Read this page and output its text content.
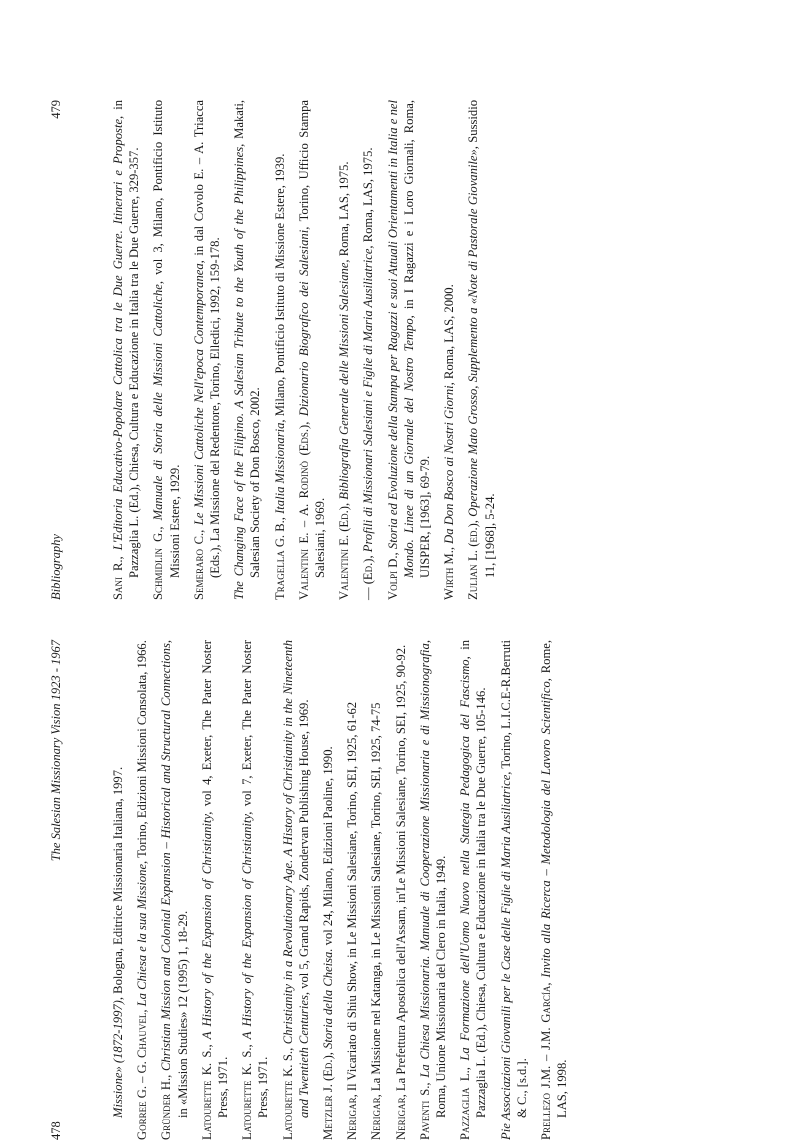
478
The Salesian Missionary Vision 1923 - 1967
Missione» (1872-1997), Bologna, Editrice Missionaria Italiana, 1997.
Gorree G. – G. Chauvel, La Chiesa e la sua Missione, Torino, Edizioni Missioni Consolata, 1966.
Gründer H., Christian Mission and Colonial Expansion – Historical and Structural Connections, in «Mission Studies» 12 (1995) 1, 18-29. Latourette K. S., A History of the Expansion of Christianity, vol 4, Exeter, The Pater Noster Press, 1971. Latourette K. S., A History of the Expansion of Christianity, vol 7, Exeter, The Pater Noster Press, 1971. Latourette K. S., Christianity in a Revolutionary Age. A History of Christianity in the Nineteenth and Twentieth Centuries, vol 5, Grand Rapids, Zondervan Publishing House, 1969.
Metzler J. (Ed.), Storia della Cheisa. vol 24, Milano, Edizioni Paoline, 1990.
Nerigar, Il Vicariato di Shiu Show, in Le Missioni Salesiane, Torino, SEI, 1925, 61-62
Nerigar, La Missione nel Katanga, in Le Missioni Salesiane, Torino, SEI, 1925, 74-75
Nerigar, La Prefettura Apostolica dell'Assam, in'Le Missioni Salesiane, Torino, SEI, 1925, 90-92.
Paventi S., La Chiesa Missionaria. Manuale di Cooperazione Missionaria e di Missionografia, Roma, Unione Missionaria del Clero in Italia, 1949. Pazzaglia L., La Formazione dell'Uomo Nuovo nella Stategia Pedagogica del Fascismo, in Pazzaglia L. (Ed.), Chiesa, Cultura e Educazione in Italia tra le Due Guerre, 105-146. Pie Associazioni Giovanili per le Case delle Figlie di Maria Ausiliatrice, Torino, L.I.C.E-R.Berruti & C., [s.d.]. Prellezo J.M. – J.M. García, Invito alla Ricerca – Metodologia del Lavoro Scientifico, Rome, LAS, 1998.
Bibliography
479
Sani R., L'Editoria Educativo-Popolare Cattolica tra le Due Guerre. Itinerari e Proposte, in Pazzaglia L. (Ed.), Chiesa, Cultura e Educazione in Italia tra le Due Guerre, 329-357. Schmidlin G., Manuale di Storia delle Missioni Cattoliche, vol 3, Milano, Pontificio Istituto Missioni Estere, 1929. Semeraro C., Le Missioni Cattoliche Nell'epoca Contemporanea, in dal Covolo E. – A. Triacca (Eds.), La Missione del Redentore, Torino, Elledici, 1992, 159-178. The Changing Face of the Filipino. A Salesian Tribute to the Youth of the Philippines, Makati, Salesian Society of Don Bosco, 2002. Tragella G. B., Italia Missionaria, Milano, Pontificio Istituto di Missione Estere, 1939.
Valentini E. – A. Rodinò (Eds.), Dizionario Biografico dei Salesiani, Torino, Ufficio Stampa Salesiani, 1969. Valentini E. (Ed.), Bibliografia Generale delle Missioni Salesiane, Roma, LAS, 1975.
— (Ed.), Profili di Missionari Salesiani e Figlie di Maria Ausiliatrice, Roma, LAS, 1975.
Volpi D., Storia ed Evoluzione della Stampa per Ragazzi e suoi Attuali Orientamenti in Italia e nel Mondo. Linee di un Giornale del Nostro Tempo, in I Ragazzi e i Loro Giornali, Roma, UISPER, [1963], 69-79. Wirth M., Da Don Bosco ai Nostri Giorni, Roma, LAS, 2000.
Zulian L. (ed.), Operazione Mato Grosso, Supplemento a «Note di Pastorale Giovanile», Sussidio 11, [1968], 5-24.
